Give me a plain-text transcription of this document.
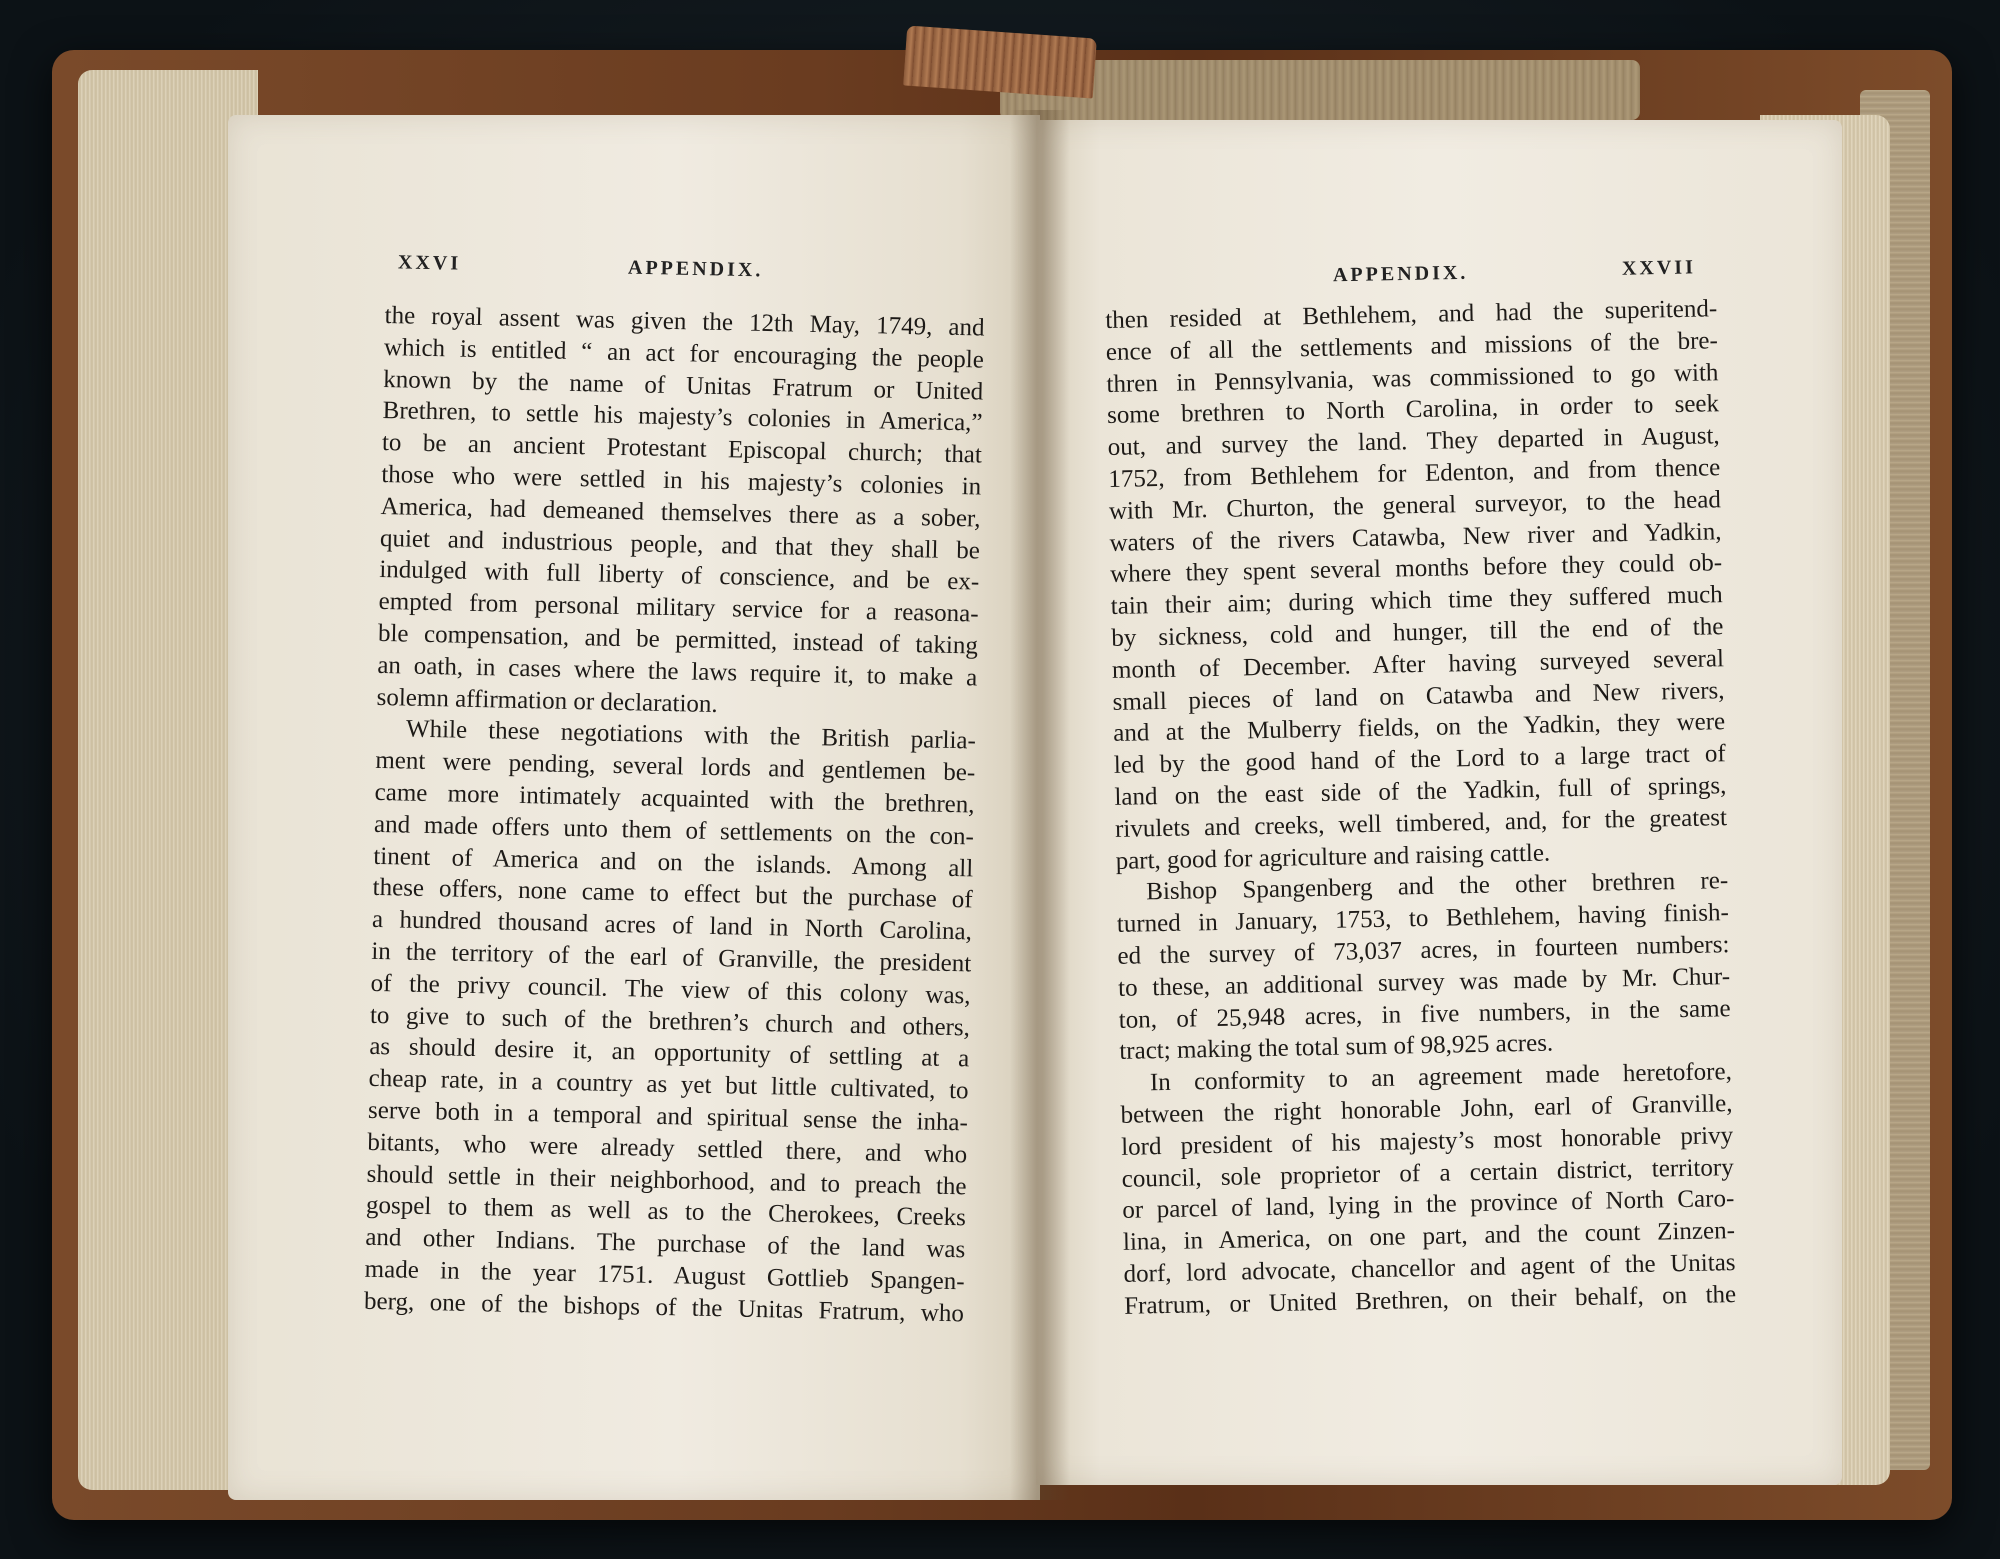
XXVI	APPENDIX.	APPENDIX.	XXVII
the royal assent was given the 12th May, 1749, and
which is entitled “ an act for encouraging the people
known by the name of Unitas Fratrum or United
Brethren, to settle his majesty’s colonies in America,”
to be an ancient Protestant Episcopal church; that
those who were settled in his majesty’s colonies in
America, had demeaned themselves there as a sober,
quiet and industrious people, and that they shall be
indulged with full liberty of conscience, and be ex-
empted from personal military service for a reasona-
ble compensation, and be permitted, instead of taking
an oath, in cases where the laws require it, to make a
solemn affirmation or declaration.
While these negotiations with the British parlia-
ment were pending, several lords and gentlemen be-
came more intimately acquainted with the brethren,
and made offers unto them of settlements on the con-
tinent of America and on the islands. Among all
these offers, none came to effect but the purchase of
a hundred thousand acres of land in North Carolina,
in the territory of the earl of Granville, the president
of the privy council. The view of this colony was,
to give to such of the brethren’s church and others,
as should desire it, an opportunity of settling at a
cheap rate, in a country as yet but little cultivated, to
serve both in a temporal and spiritual sense the inha-
bitants, who were already settled there, and who
should settle in their neighborhood, and to preach the
gospel to them as well as to the Cherokees, Creeks
and other Indians. The purchase of the land was
made in the year 1751. August Gottlieb Spangen-
berg, one of the bishops of the Unitas Fratrum, who
then resided at Bethlehem, and had the superitend-
ence of all the settlements and missions of the bre-
thren in Pennsylvania, was commissioned to go with
some brethren to North Carolina, in order to seek
out, and survey the land. They departed in August,
1752, from Bethlehem for Edenton, and from thence
with Mr. Churton, the general surveyor, to the head
waters of the rivers Catawba, New river and Yadkin,
where they spent several months before they could ob-
tain their aim; during which time they suffered much
by sickness, cold and hunger, till the end of the
month of December. After having surveyed several
small pieces of land on Catawba and New rivers,
and at the Mulberry fields, on the Yadkin, they were
led by the good hand of the Lord to a large tract of
land on the east side of the Yadkin, full of springs,
rivulets and creeks, well timbered, and, for the greatest
part, good for agriculture and raising cattle.
Bishop Spangenberg and the other brethren re-
turned in January, 1753, to Bethlehem, having finish-
ed the survey of 73,037 acres, in fourteen numbers:
to these, an additional survey was made by Mr. Chur-
ton, of 25,948 acres, in five numbers, in the same
tract; making the total sum of 98,925 acres.
In conformity to an agreement made heretofore,
between the right honorable John, earl of Granville,
lord president of his majesty’s most honorable privy
council, sole proprietor of a certain district, territory
or parcel of land, lying in the province of North Caro-
lina, in America, on one part, and the count Zinzen-
dorf, lord advocate, chancellor and agent of the Unitas
Fratrum, or United Brethren, on their behalf, on the
